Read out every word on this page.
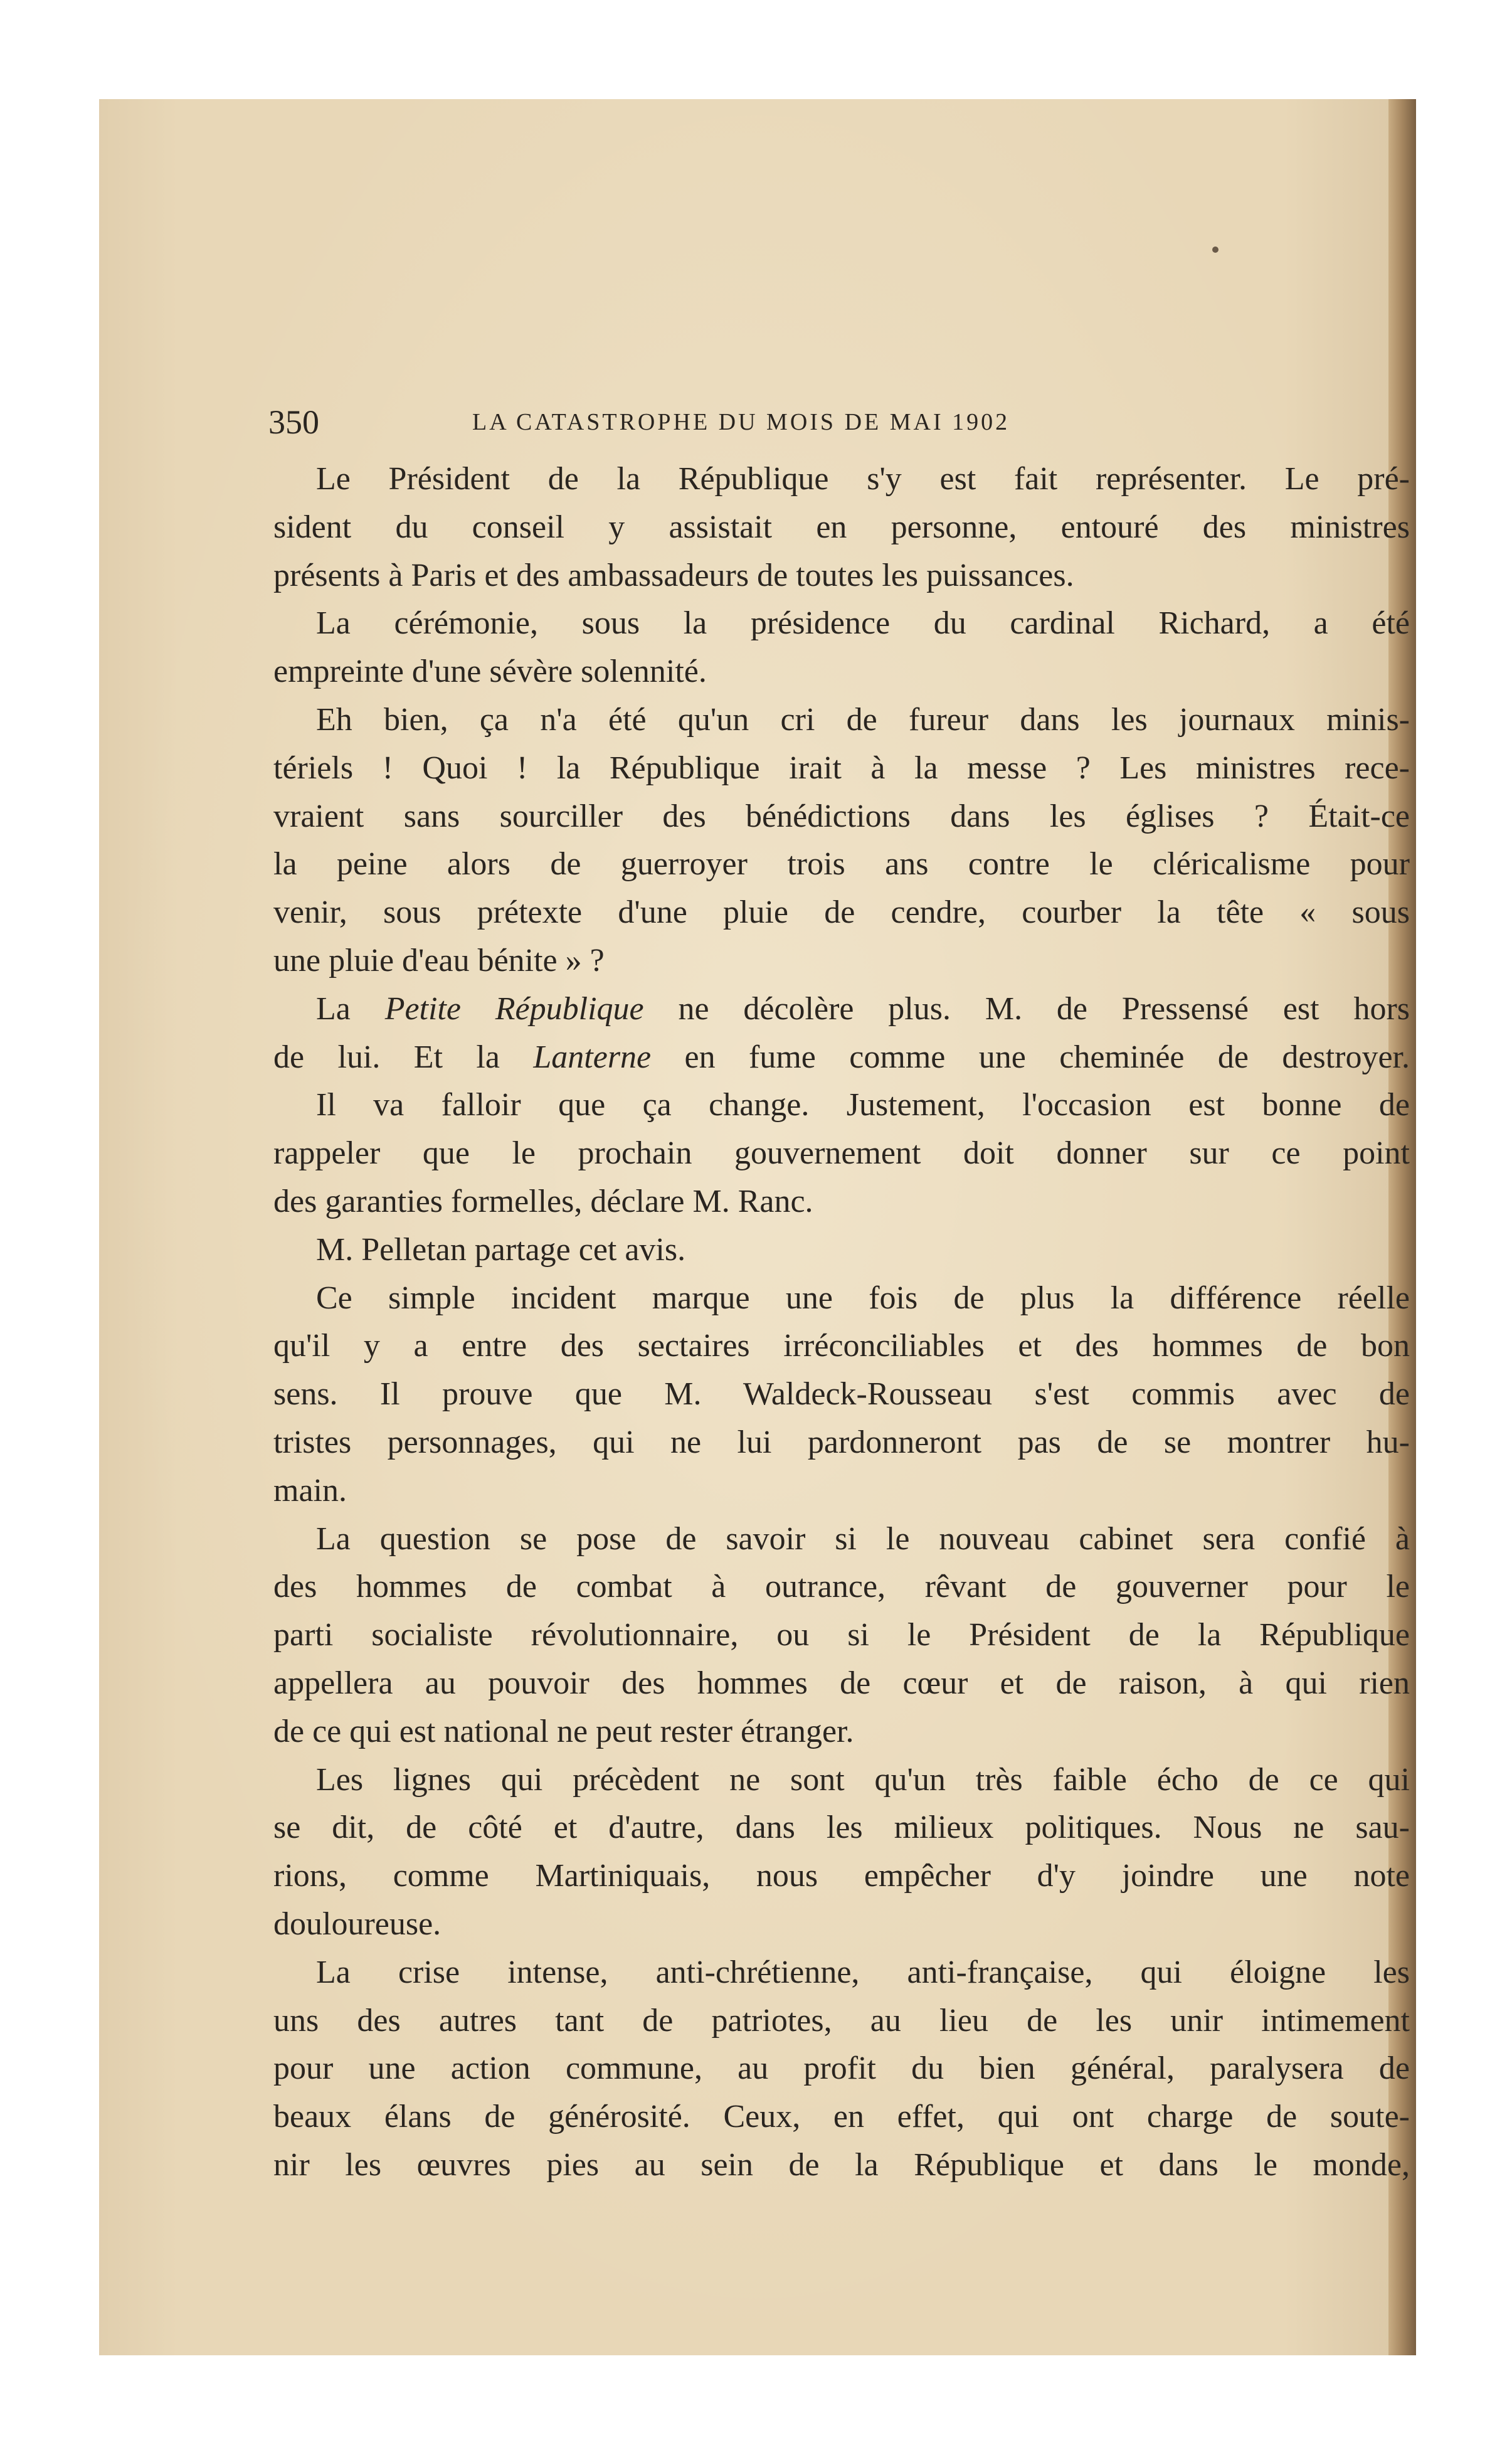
350	LA CATASTROPHE DU MOIS DE MAI 1902
Le Président de la République s'y est fait représenter. Le pré-
sident du conseil y assistait en personne, entouré des ministres
présents à Paris et des ambassadeurs de toutes les puissances.
La cérémonie, sous la présidence du cardinal Richard, a été
empreinte d'une sévère solennité.
Eh bien, ça n'a été qu'un cri de fureur dans les journaux minis-
tériels ! Quoi ! la République irait à la messe ? Les ministres rece-
vraient sans sourciller des bénédictions dans les églises ? Était-ce
la peine alors de guerroyer trois ans contre le cléricalisme pour
venir, sous prétexte d'une pluie de cendre, courber la tête « sous
une pluie d'eau bénite » ?
La Petite République ne décolère plus. M. de Pressensé est hors
de lui. Et la Lanterne en fume comme une cheminée de destroyer.
Il va falloir que ça change. Justement, l'occasion est bonne de
rappeler que le prochain gouvernement doit donner sur ce point
des garanties formelles, déclare M. Ranc.
M. Pelletan partage cet avis.
Ce simple incident marque une fois de plus la différence réelle
qu'il y a entre des sectaires irréconciliables et des hommes de bon
sens. Il prouve que M. Waldeck-Rousseau s'est commis avec de
tristes personnages, qui ne lui pardonneront pas de se montrer hu-
main.
La question se pose de savoir si le nouveau cabinet sera confié à
des hommes de combat à outrance, rêvant de gouverner pour le
parti socialiste révolutionnaire, ou si le Président de la République
appellera au pouvoir des hommes de cœur et de raison, à qui rien
de ce qui est national ne peut rester étranger.
Les lignes qui précèdent ne sont qu'un très faible écho de ce qui
se dit, de côté et d'autre, dans les milieux politiques. Nous ne sau-
rions, comme Martiniquais, nous empêcher d'y joindre une note
douloureuse.
La crise intense, anti-chrétienne, anti-française, qui éloigne les
uns des autres tant de patriotes, au lieu de les unir intimement
pour une action commune, au profit du bien général, paralysera de
beaux élans de générosité. Ceux, en effet, qui ont charge de soute-
nir les œuvres pies au sein de la République et dans le monde,
